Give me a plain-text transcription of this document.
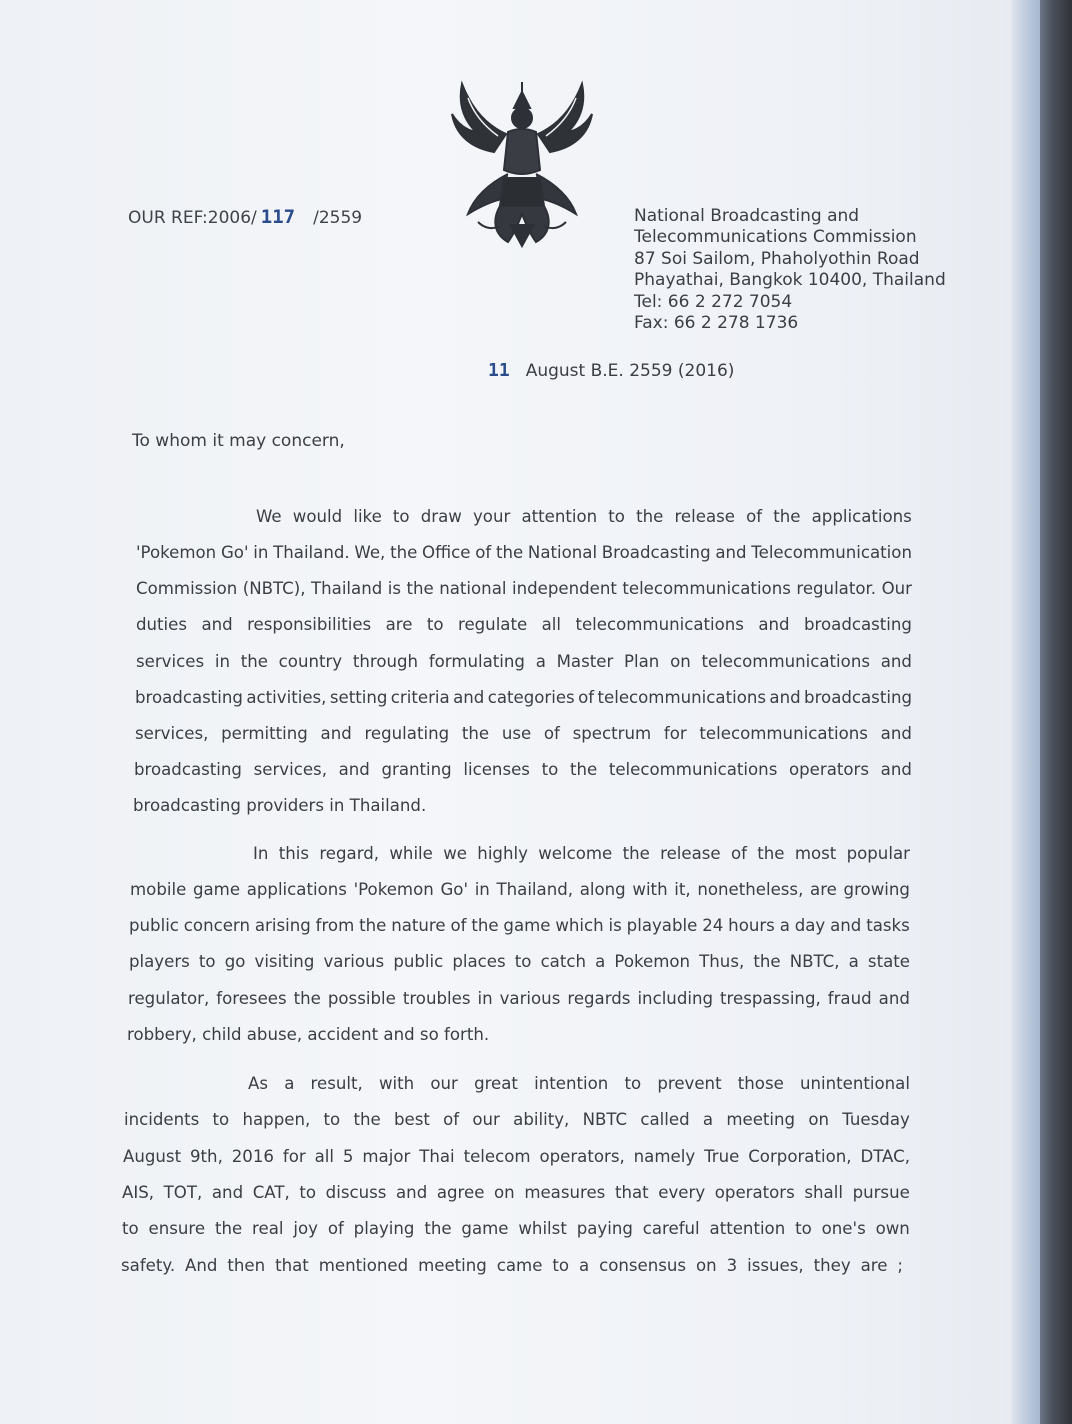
OUR REF:2006/ 117 /2559	National Broadcasting and
Telecommunications Commission
87 Soi Sailom, Phaholyothin Road
Phayathai, Bangkok 10400, Thailand
Tel: 66 2 272 7054
Fax: 66 2 278 1736
11 August B.E. 2559 (2016)
To whom it may concern,
We would like to draw your attention to the release of the applications
'Pokemon Go' in Thailand. We, the Office of the National Broadcasting and Telecommunication
Commission (NBTC), Thailand is the national independent telecommunications regulator. Our
duties and responsibilities are to regulate all telecommunications and broadcasting
services in the country through formulating a Master Plan on telecommunications and
broadcasting activities, setting criteria and categories of telecommunications and broadcasting
services, permitting and regulating the use of spectrum for telecommunications and
broadcasting services, and granting licenses to the telecommunications operators and
broadcasting providers in Thailand.
In this regard, while we highly welcome the release of the most popular
mobile game applications 'Pokemon Go' in Thailand, along with it, nonetheless, are growing
public concern arising from the nature of the game which is playable 24 hours a day and tasks
players to go visiting various public places to catch a Pokemon Thus, the NBTC, a state
regulator, foresees the possible troubles in various regards including trespassing, fraud and
robbery, child abuse, accident and so forth.
As a result, with our great intention to prevent those unintentional
incidents to happen, to the best of our ability, NBTC called a meeting on Tuesday
August 9th, 2016 for all 5 major Thai telecom operators, namely True Corporation, DTAC,
AIS, TOT, and CAT, to discuss and agree on measures that every operators shall pursue
to ensure the real joy of playing the game whilst paying careful attention to one's own
safety. And then that mentioned meeting came to a consensus on 3 issues, they are ;
